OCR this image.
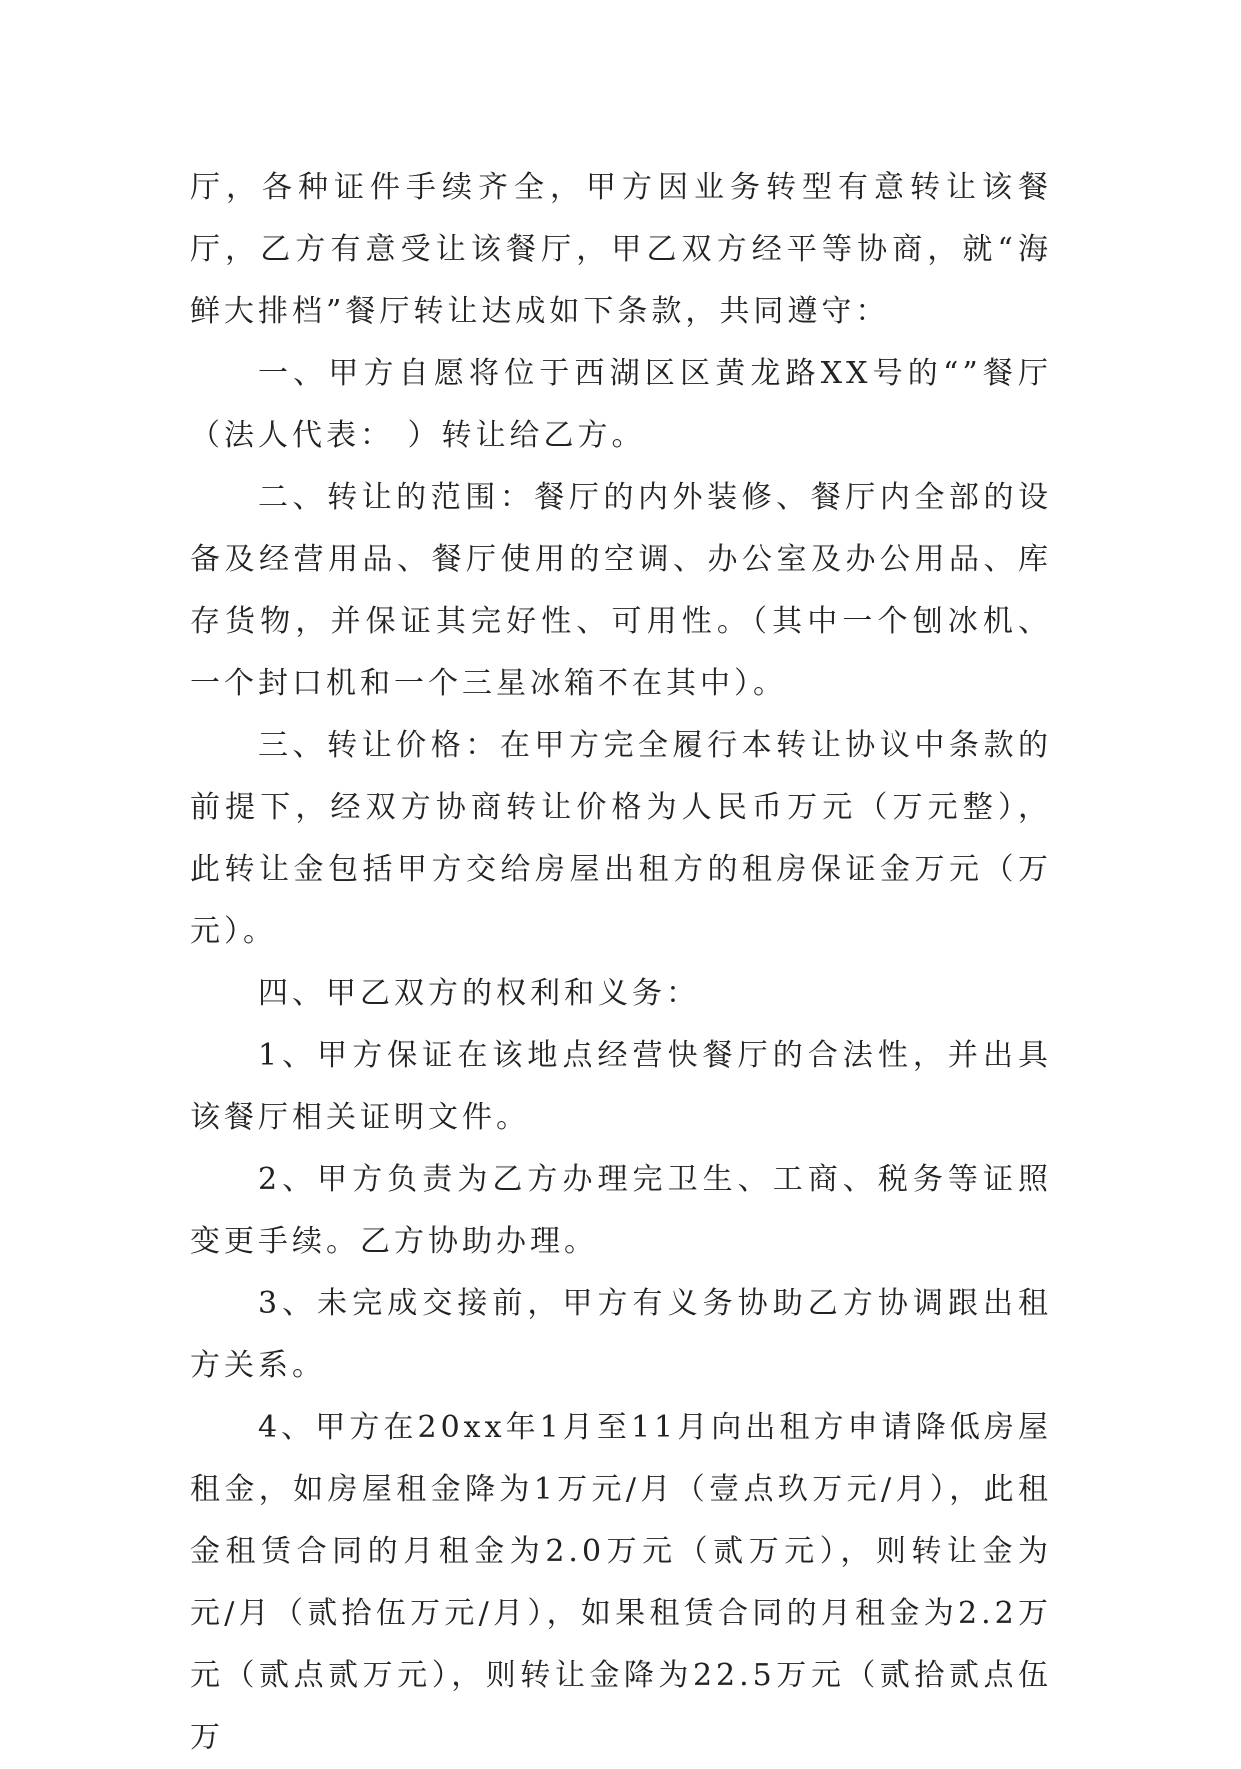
厅，各种证件手续齐全，甲方因业务转型有意转让该餐厅，乙方有意受让该餐厅，甲乙双方经平等协商，就“海鲜大排档”餐厅转让达成如下条款，共同遵守：

一、甲方自愿将位于西湖区区黄龙路XX号的“”餐厅（法人代表： ）转让给乙方。

二、转让的范围：餐厅的内外装修、餐厅内全部的设备及经营用品、餐厅使用的空调、办公室及办公用品、库存货物，并保证其完好性、可用性。（其中一个刨冰机、一个封口机和一个三星冰箱不在其中）。

三、转让价格：在甲方完全履行本转让协议中条款的前提下，经双方协商转让价格为人民币万元（万元整），此转让金包括甲方交给房屋出租方的租房保证金万元（万元）。

四、甲乙双方的权利和义务：

1、甲方保证在该地点经营快餐厅的合法性，并出具该餐厅相关证明文件。

2、甲方负责为乙方办理完卫生、工商、税务等证照变更手续。乙方协助办理。

3、未完成交接前，甲方有义务协助乙方协调跟出租方关系。

4、甲方在20xx年1月至11月向出租方申请降低房屋租金，如房屋租金降为1万元/月（壹点玖万元/月），此租金租赁合同的月租金为2.0万元（贰万元），则转让金为元/月（贰拾伍万元/月），如果租赁合同的月租金为2.2万元（贰点贰万元），则转让金降为22.5万元（贰拾贰点伍万
